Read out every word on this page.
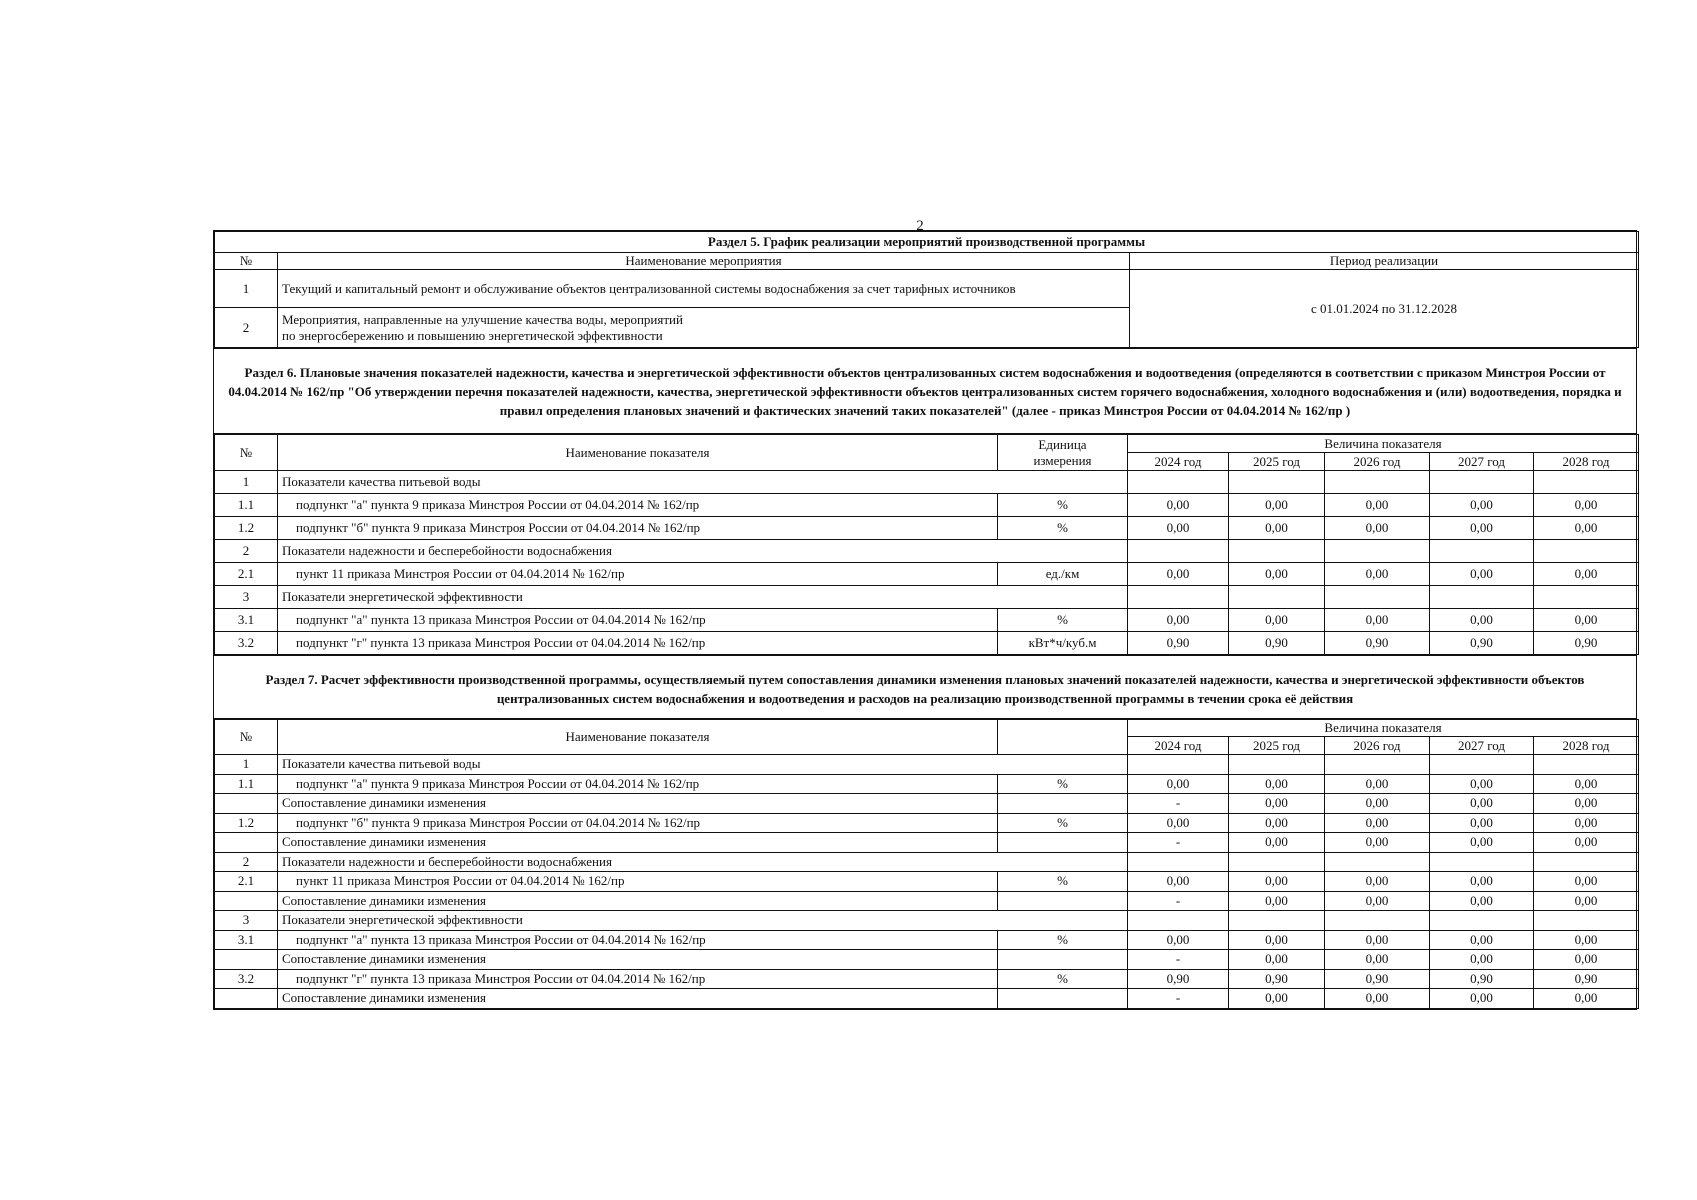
2
Раздел 5. График реализации мероприятий производственной программы		
№	Наименование мероприятия	Период реализации
1	Текущий и капитальный ремонт и обслуживание объектов централизованной системы водоснабжения за счет тарифных источников	с 01.01.2024 по 31.12.2028
2	Мероприятия, направленные на улучшение качества воды, мероприятий
по энергосбережению и повышению энергетической эффективности	
Раздел 6. Плановые значения показателей надежности, качества и энергетической эффективности объектов централизованных систем водоснабжения и водоотведения (определяются в соответствии с приказом Минстроя России от 04.04.2014 № 162/пр "Об утверждении перечня показателей надежности, качества, энергетической эффективности объектов централизованных систем горячего водоснабжения, холодного водоснабжения и (или) водоотведения, порядка и правил определения плановых значений и фактических значений таких показателей" (далее - приказ Минстроя России от 04.04.2014 № 162/пр )
№	Наименование показателя	Единица
измерения	Величина показателя				
			2024 год	2025 год	2026 год	2027 год	2028 год
1	Показатели качества питьевой воды						
1.1	подпункт "а" пункта 9 приказа Минстроя России от 04.04.2014 № 162/пр	%	0,00	0,00	0,00	0,00	0,00
1.2	подпункт "б" пункта 9 приказа Минстроя России от 04.04.2014 № 162/пр	%	0,00	0,00	0,00	0,00	0,00
2	Показатели надежности и бесперебойности водоснабжения						
2.1	пункт 11 приказа Минстроя России от 04.04.2014 № 162/пр	ед./км	0,00	0,00	0,00	0,00	0,00
3	Показатели энергетической эффективности						
3.1	подпункт "а" пункта 13 приказа Минстроя России от 04.04.2014 № 162/пр	%	0,00	0,00	0,00	0,00	0,00
3.2	подпункт "г" пункта 13 приказа Минстроя России от 04.04.2014 № 162/пр	кВт*ч/куб.м	0,90	0,90	0,90	0,90	0,90
Раздел 7. Расчет эффективности производственной программы, осуществляемый путем сопоставления динамики изменения плановых значений показателей надежности, качества и энергетической эффективности объектов централизованных систем водоснабжения и водоотведения и расходов на реализацию производственной программы в течении срока её действия
№	Наименование показателя		Величина показателя				
			2024 год	2025 год	2026 год	2027 год	2028 год
1	Показатели качества питьевой воды						
1.1	подпункт "а" пункта 9 приказа Минстроя России от 04.04.2014 № 162/пр	%	0,00	0,00	0,00	0,00	0,00
	Сопоставление динамики изменения		-	0,00	0,00	0,00	0,00
1.2	подпункт "б" пункта 9 приказа Минстроя России от 04.04.2014 № 162/пр	%	0,00	0,00	0,00	0,00	0,00
	Сопоставление динамики изменения		-	0,00	0,00	0,00	0,00
2	Показатели надежности и бесперебойности водоснабжения						
2.1	пункт 11 приказа Минстроя России от 04.04.2014 № 162/пр	%	0,00	0,00	0,00	0,00	0,00
	Сопоставление динамики изменения		-	0,00	0,00	0,00	0,00
3	Показатели энергетической эффективности						
3.1	подпункт "а" пункта 13 приказа Минстроя России от 04.04.2014 № 162/пр	%	0,00	0,00	0,00	0,00	0,00
	Сопоставление динамики изменения		-	0,00	0,00	0,00	0,00
3.2	подпункт "г" пункта 13 приказа Минстроя России от 04.04.2014 № 162/пр	%	0,90	0,90	0,90	0,90	0,90
	Сопоставление динамики изменения		-	0,00	0,00	0,00	0,00
